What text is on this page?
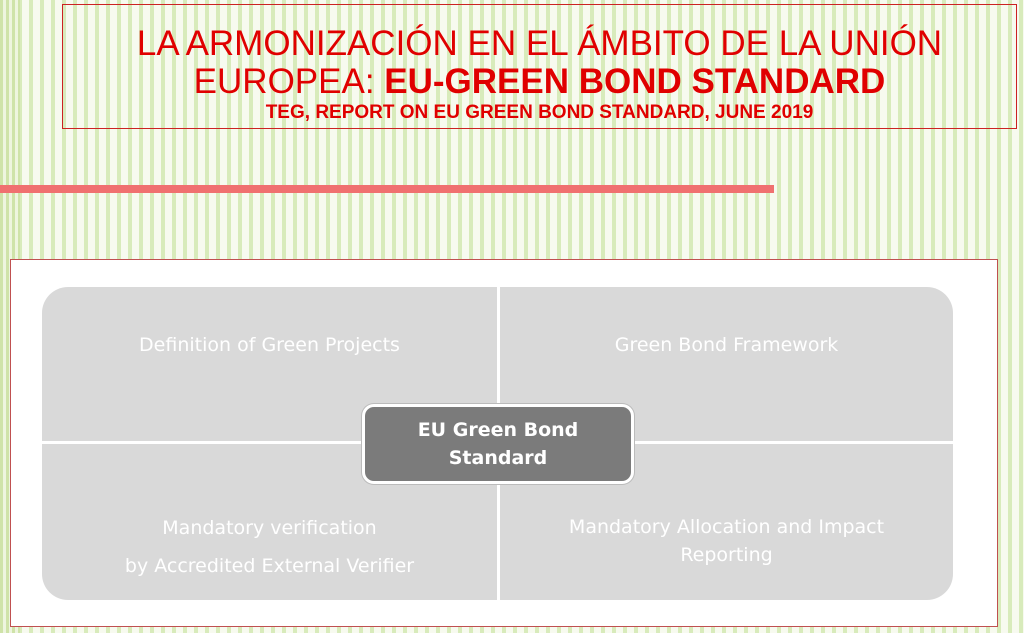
LA ARMONIZACIÓN EN EL ÁMBITO DE LA UNIÓN
EUROPEA: EU-GREEN BOND STANDARD
TEG, REPORT ON EU GREEN BOND STANDARD, JUNE 2019
Definition of Green Projects	Green Bond Framework
Mandatory verification
by Accredited External Verifier
Mandatory Allocation and Impact
Reporting
EU Green Bond
Standard
